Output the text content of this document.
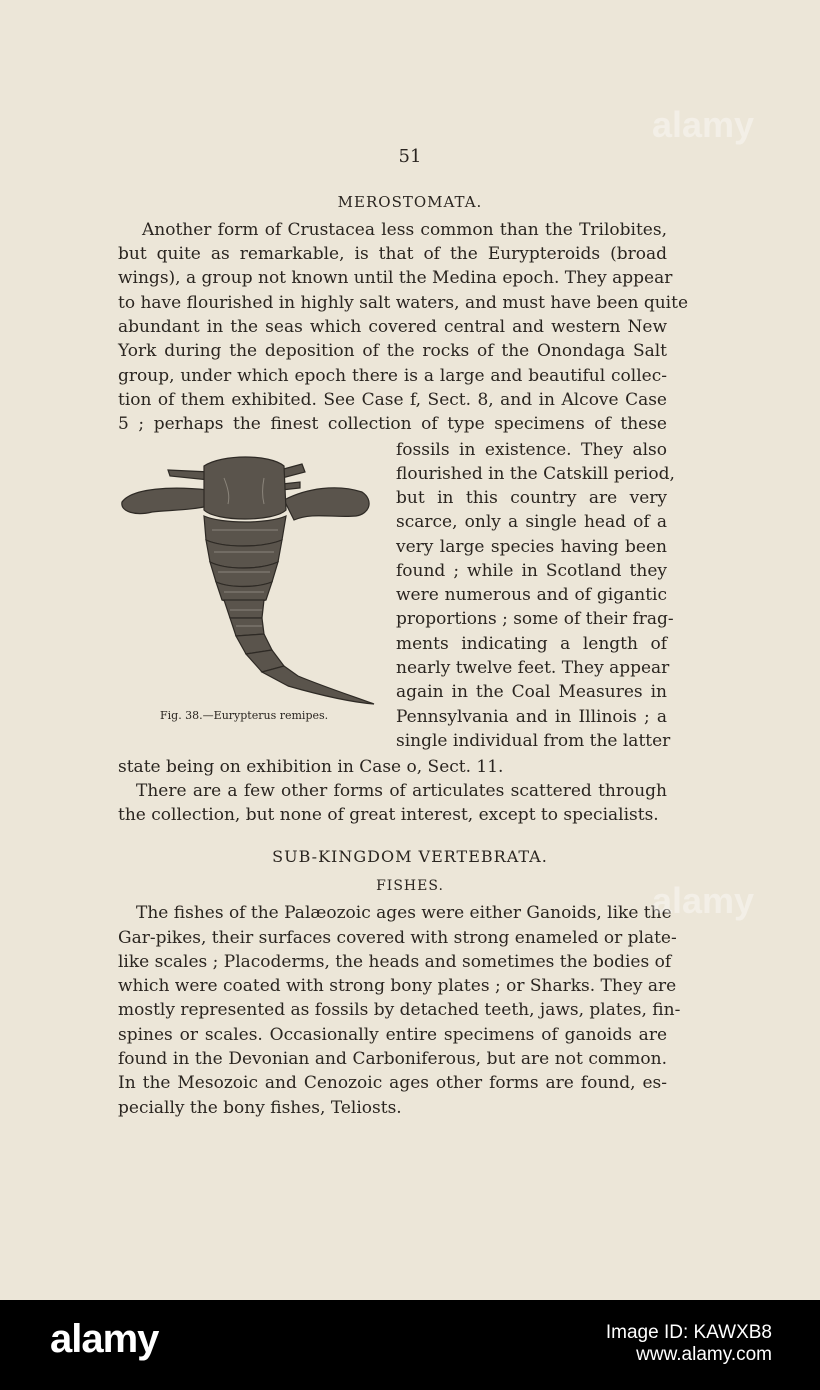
51
MEROSTOMATA.
Another form of Crustacea less common than the Trilobites,
but quite as remarkable, is that of the Eurypteroids (broad
wings), a group not known until the Medina epoch. They appear
to have flourished in highly salt waters, and must have been quite
abundant in the seas which covered central and western New
York during the deposition of the rocks of the Onondaga Salt
group, under which epoch there is a large and beautiful collec-
tion of them exhibited. See Case f, Sect. 8, and in Alcove Case
5 ; perhaps the finest collection of type specimens of these
fossils in existence. They also
flourished in the Catskill period,
but in this country are very
scarce, only a single head of a
very large species having been
found ; while in Scotland they
were numerous and of gigantic
proportions ; some of their frag-
ments indicating a length of
nearly twelve feet. They appear
again in the Coal Measures in
Pennsylvania and in Illinois ; a
single individual from the latter
state being on exhibition in Case o, Sect. 11.
Fig. 38.—Eurypterus remipes.
There are a few other forms of articulates scattered through
the collection, but none of great interest, except to specialists.
SUB-KINGDOM VERTEBRATA.
FISHES.
The fishes of the Palæozoic ages were either Ganoids, like the
Gar-pikes, their surfaces covered with strong enameled or plate-
like scales ; Placoderms, the heads and sometimes the bodies of
which were coated with strong bony plates ; or Sharks. They are
mostly represented as fossils by detached teeth, jaws, plates, fin-
spines or scales. Occasionally entire specimens of ganoids are
found in the Devonian and Carboniferous, but are not common.
In the Mesozoic and Cenozoic ages other forms are found, es-
pecially the bony fishes, Teliosts.
alamy
alamy
alamy	Image ID: KAWXB8
www.alamy.com
